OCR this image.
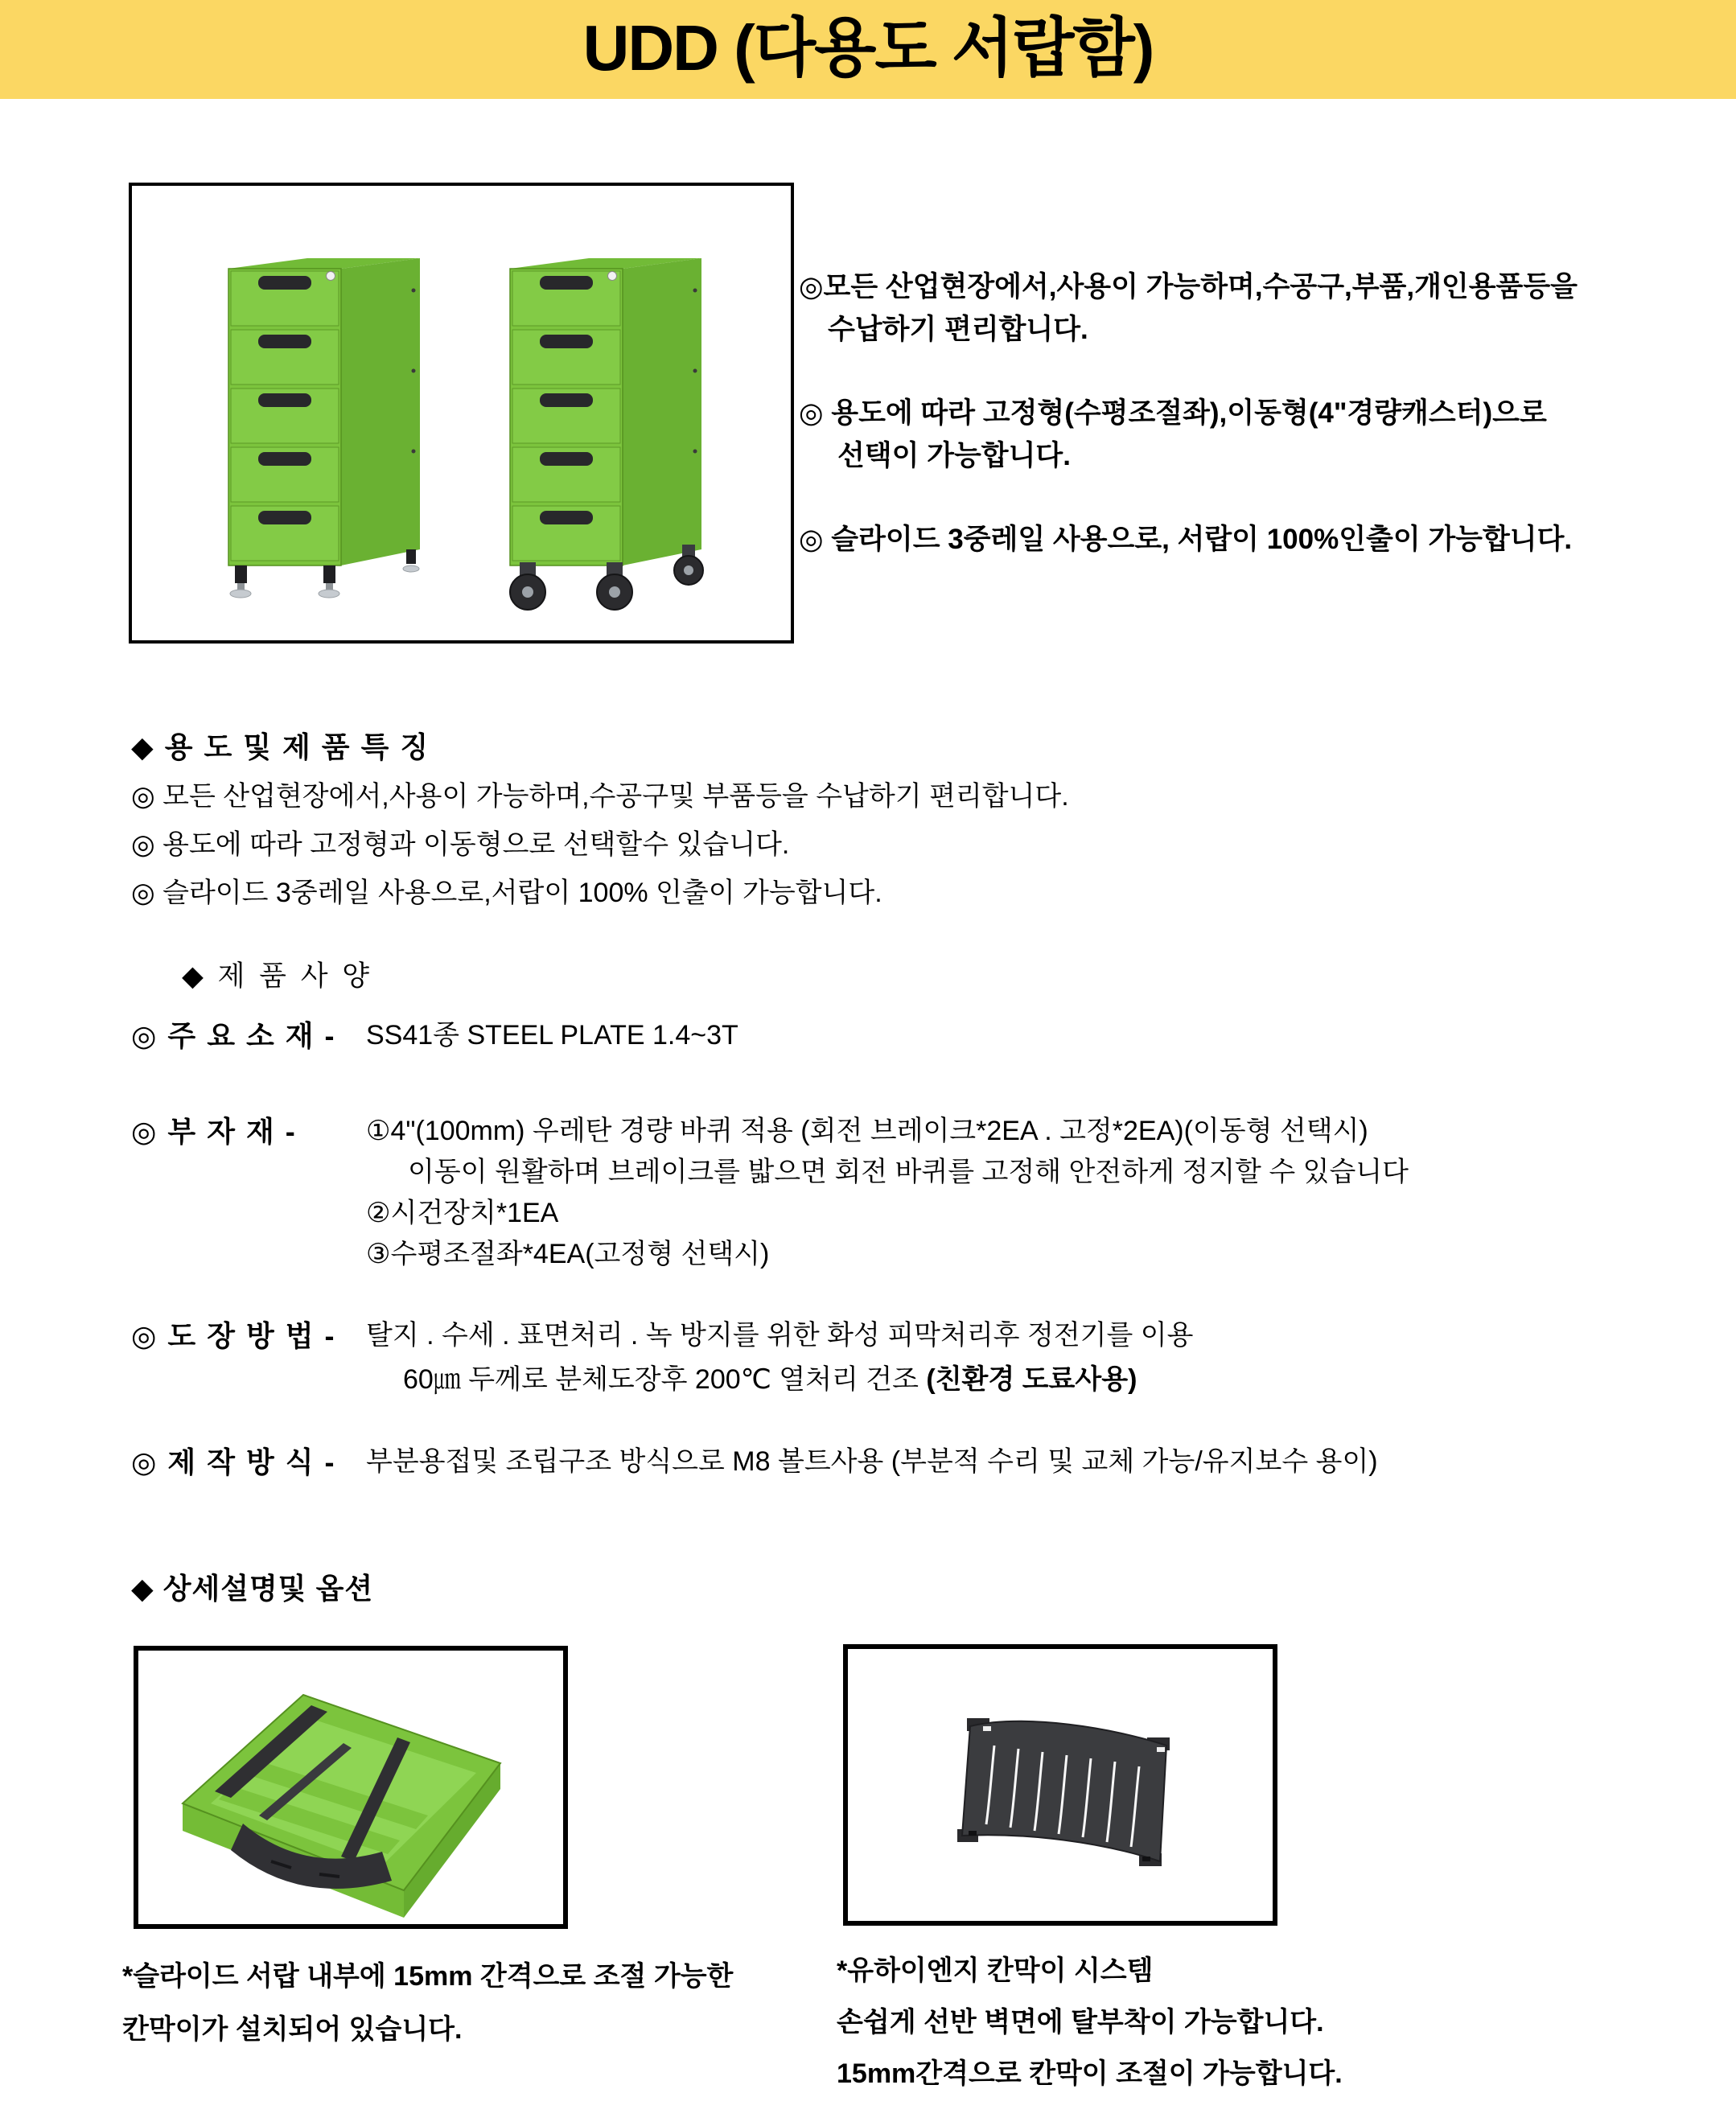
UDD (다용도 서랍함)
◎모든 산업현장에서,사용이 가능하며,수공구,부품,개인용품등을
수납하기 편리합니다.
◎ 용도에 따라 고정형(수평조절좌),이동형(4"경량캐스터)으로
선택이 가능합니다.
◎ 슬라이드 3중레일 사용으로, 서랍이 100%인출이 가능합니다.
◆ 용 도 및 제 품 특 징
◎ 모든 산업현장에서,사용이 가능하며,수공구및 부품등을 수납하기 편리합니다.
◎ 용도에 따라 고정형과 이동형으로 선택할수 있습니다.
◎ 슬라이드 3중레일 사용으로,서랍이 100% 인출이 가능합니다.
◆ 제 품 사 양
◎ 주 요 소 재 -	SS41종 STEEL PLATE 1.4~3T
◎ 부 자 재 -	①4"(100mm) 우레탄 경량 바퀴 적용 (회전 브레이크*2EA . 고정*2EA)(이동형 선택시)
이동이 원활하며 브레이크를 밟으면 회전 바퀴를 고정해 안전하게 정지할 수 있습니다
②시건장치*1EA
③수평조절좌*4EA(고정형 선택시)
◎ 도 장 방 법 -	탈지 . 수세 . 표면처리 . 녹 방지를 위한 화성 피막처리후 정전기를 이용
60㎛ 두께로 분체도장후 200℃ 열처리 건조 (친환경 도료사용)
◎ 제 작 방 식 -	부분용접및 조립구조 방식으로 M8 볼트사용 (부분적 수리 및 교체 가능/유지보수 용이)
◆ 상세설명및 옵션
*슬라이드 서랍 내부에 15mm 간격으로 조절 가능한
칸막이가 설치되어 있습니다.
*유하이엔지 칸막이 시스템
손쉽게 선반 벽면에 탈부착이 가능합니다.
15mm간격으로 칸막이 조절이 가능합니다.
